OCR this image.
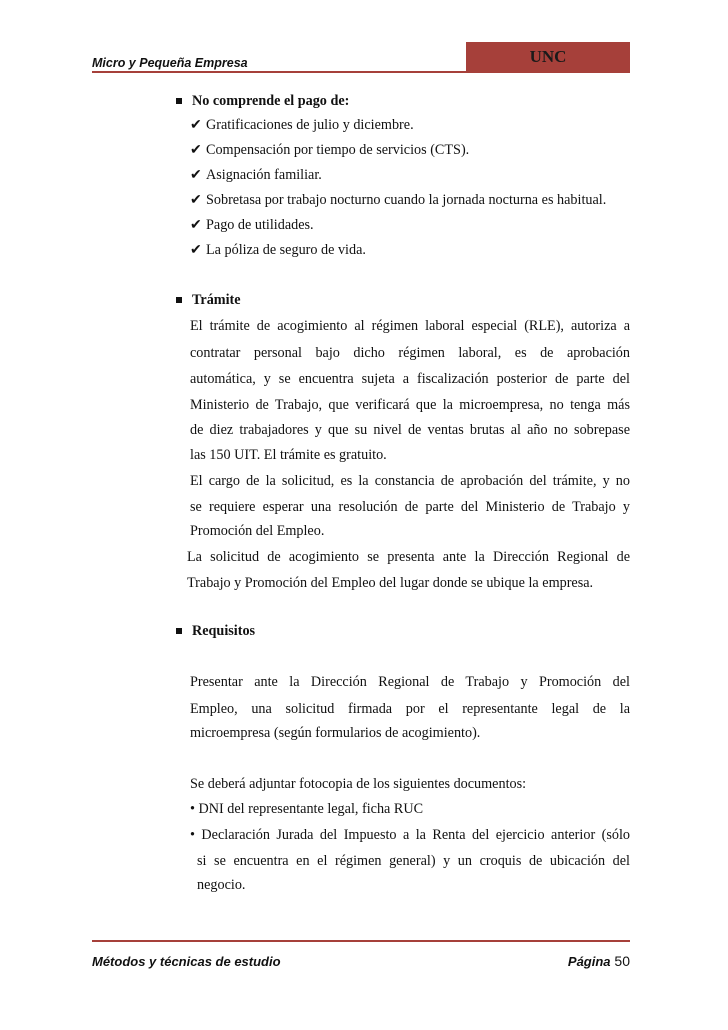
Micro y Pequeña Empresa	UNC
No comprende el pago de:
✔ Gratificaciones de julio y diciembre.
✔ Compensación por tiempo de servicios (CTS).
✔ Asignación familiar.
✔ Sobretasa por trabajo nocturno cuando la jornada nocturna es habitual.
✔ Pago de utilidades.
✔ La póliza de seguro de vida.
Trámite
El trámite de acogimiento al régimen laboral especial (RLE), autoriza a
contratar personal bajo dicho régimen laboral, es de aprobación
automática, y se encuentra sujeta a fiscalización posterior de parte del
Ministerio de Trabajo, que verificará que la microempresa, no tenga más
de diez trabajadores y que su nivel de ventas brutas al año no sobrepase
las 150 UIT. El trámite es gratuito.
El cargo de la solicitud, es la constancia de aprobación del trámite, y no
se requiere esperar una resolución de parte del Ministerio de Trabajo y
Promoción del Empleo.
La solicitud de acogimiento se presenta ante la Dirección Regional de
Trabajo y Promoción del Empleo del lugar donde se ubique la empresa.
Requisitos
Presentar ante la Dirección Regional de Trabajo y Promoción del
Empleo, una solicitud firmada por el representante legal de la
microempresa (según formularios de acogimiento).
Se deberá adjuntar fotocopia de los siguientes documentos:
• DNI del representante legal, ficha RUC
• Declaración Jurada del Impuesto a la Renta del ejercicio anterior (sólo
si se encuentra en el régimen general) y un croquis de ubicación del
negocio.
Métodos y técnicas de estudio	Página 50
